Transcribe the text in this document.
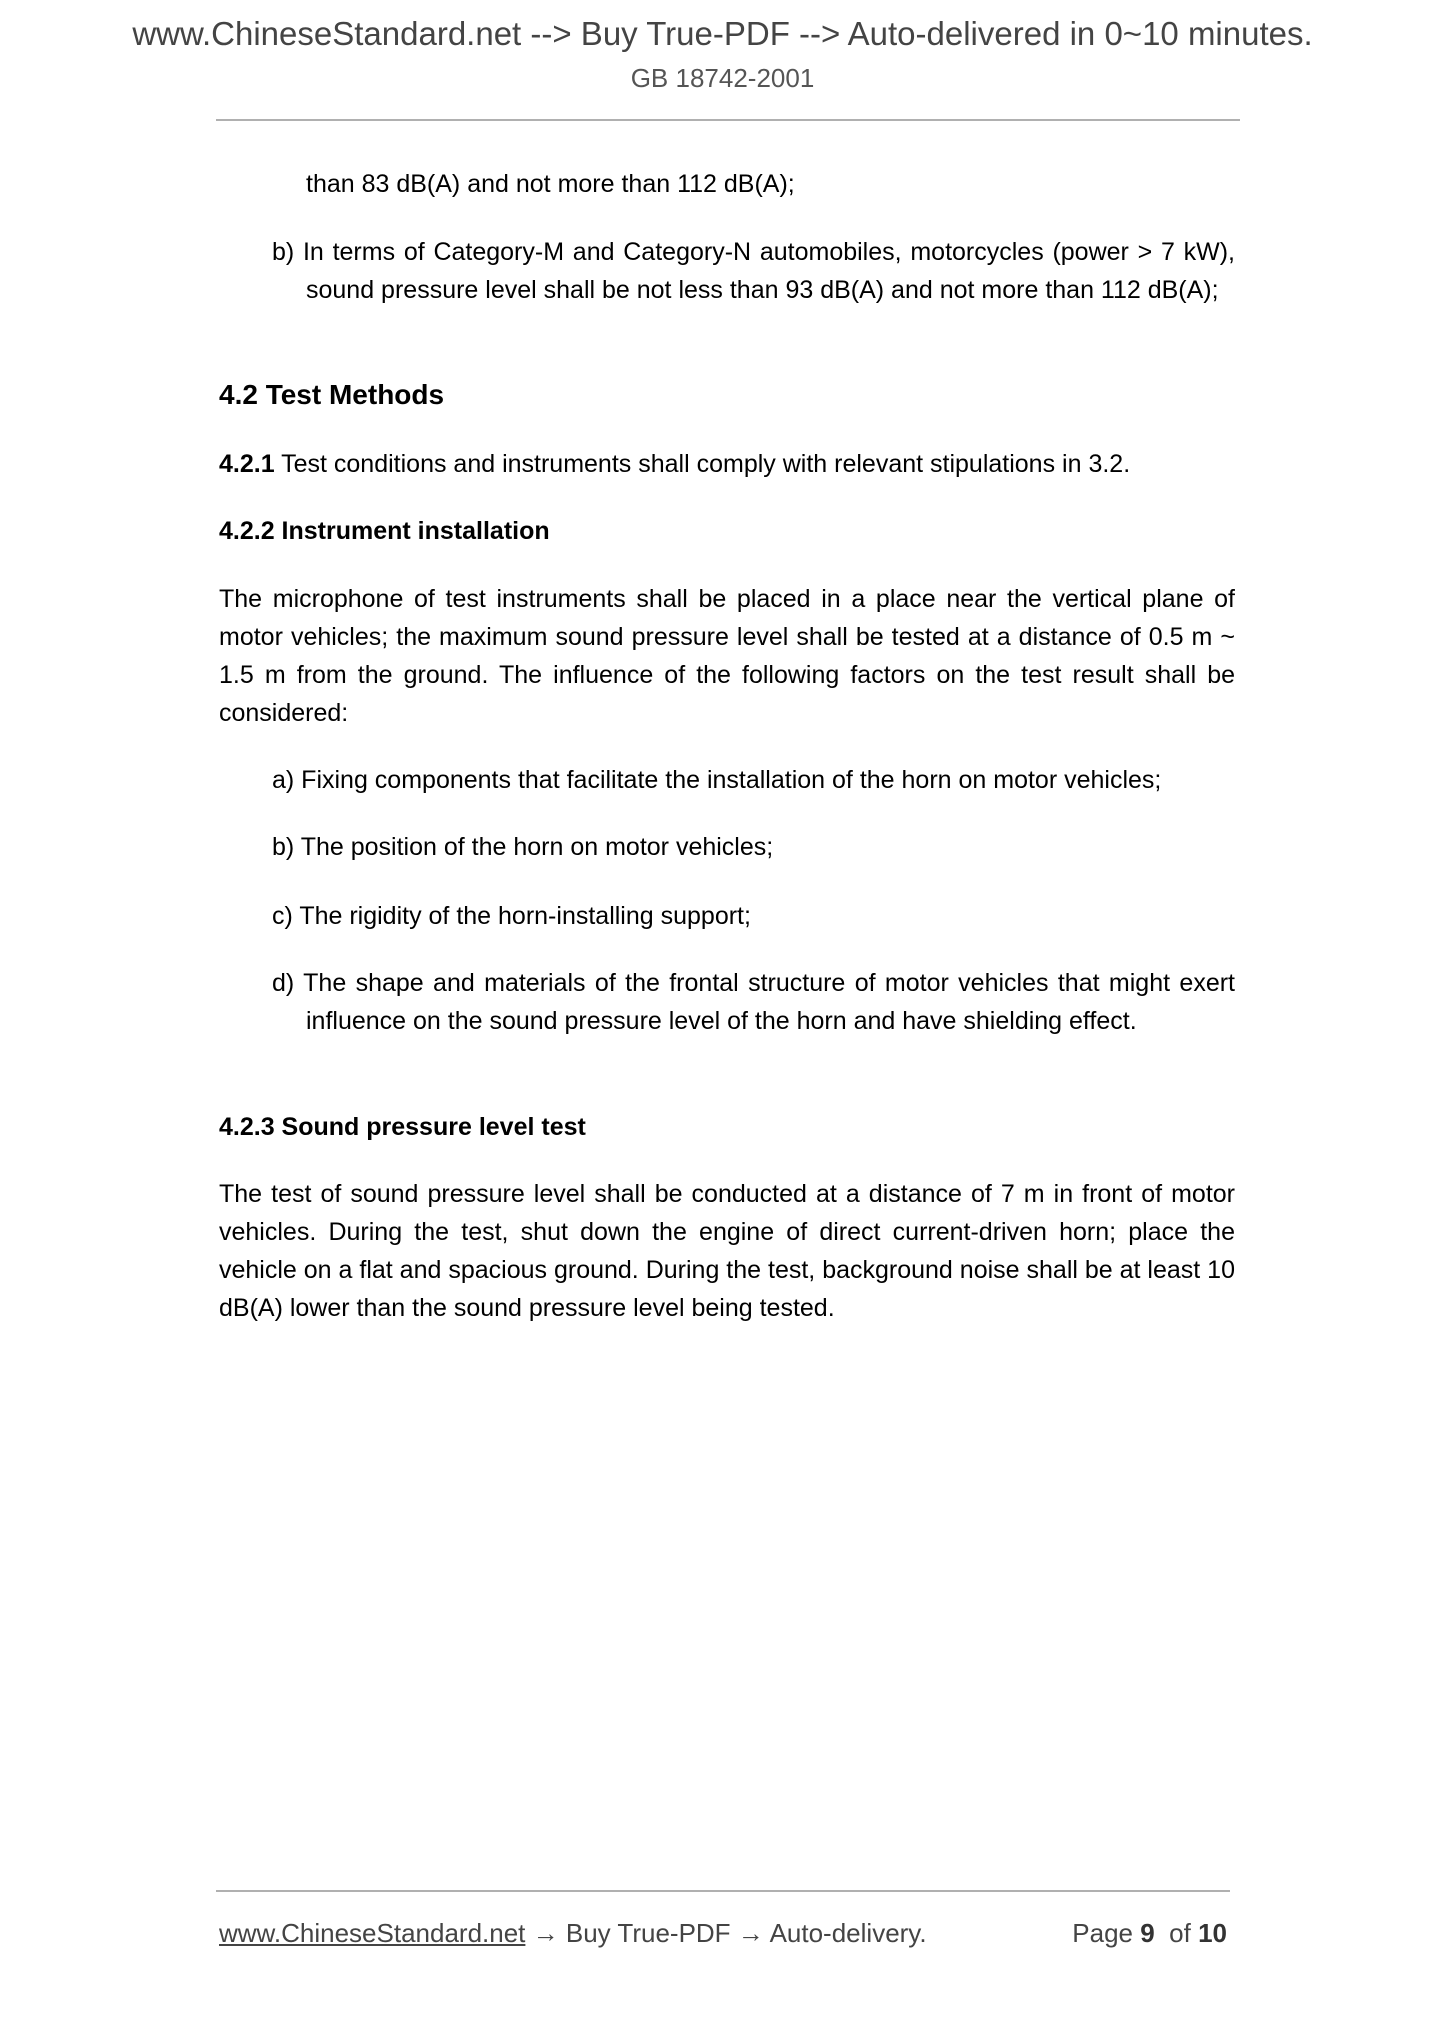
www.ChineseStandard.net --> Buy True-PDF --> Auto-delivered in 0~10 minutes.
GB 18742-2001
than 83 dB(A) and not more than 112 dB(A);
b) In terms of Category-M and Category-N automobiles, motorcycles (power > 7 kW), sound pressure level shall be not less than 93 dB(A) and not more than 112 dB(A);
4.2 Test Methods
4.2.1 Test conditions and instruments shall comply with relevant stipulations in 3.2.
4.2.2 Instrument installation
The microphone of test instruments shall be placed in a place near the vertical plane of motor vehicles; the maximum sound pressure level shall be tested at a distance of 0.5 m ~ 1.5 m from the ground. The influence of the following factors on the test result shall be considered:
a) Fixing components that facilitate the installation of the horn on motor vehicles;
b) The position of the horn on motor vehicles;
c) The rigidity of the horn-installing support;
d) The shape and materials of the frontal structure of motor vehicles that might exert influence on the sound pressure level of the horn and have shielding effect.
4.2.3 Sound pressure level test
The test of sound pressure level shall be conducted at a distance of 7 m in front of motor vehicles. During the test, shut down the engine of direct current-driven horn; place the vehicle on a flat and spacious ground. During the test, background noise shall be at least 10 dB(A) lower than the sound pressure level being tested.
www.ChineseStandard.net → Buy True-PDF → Auto-delivery.	Page 9 of 10
